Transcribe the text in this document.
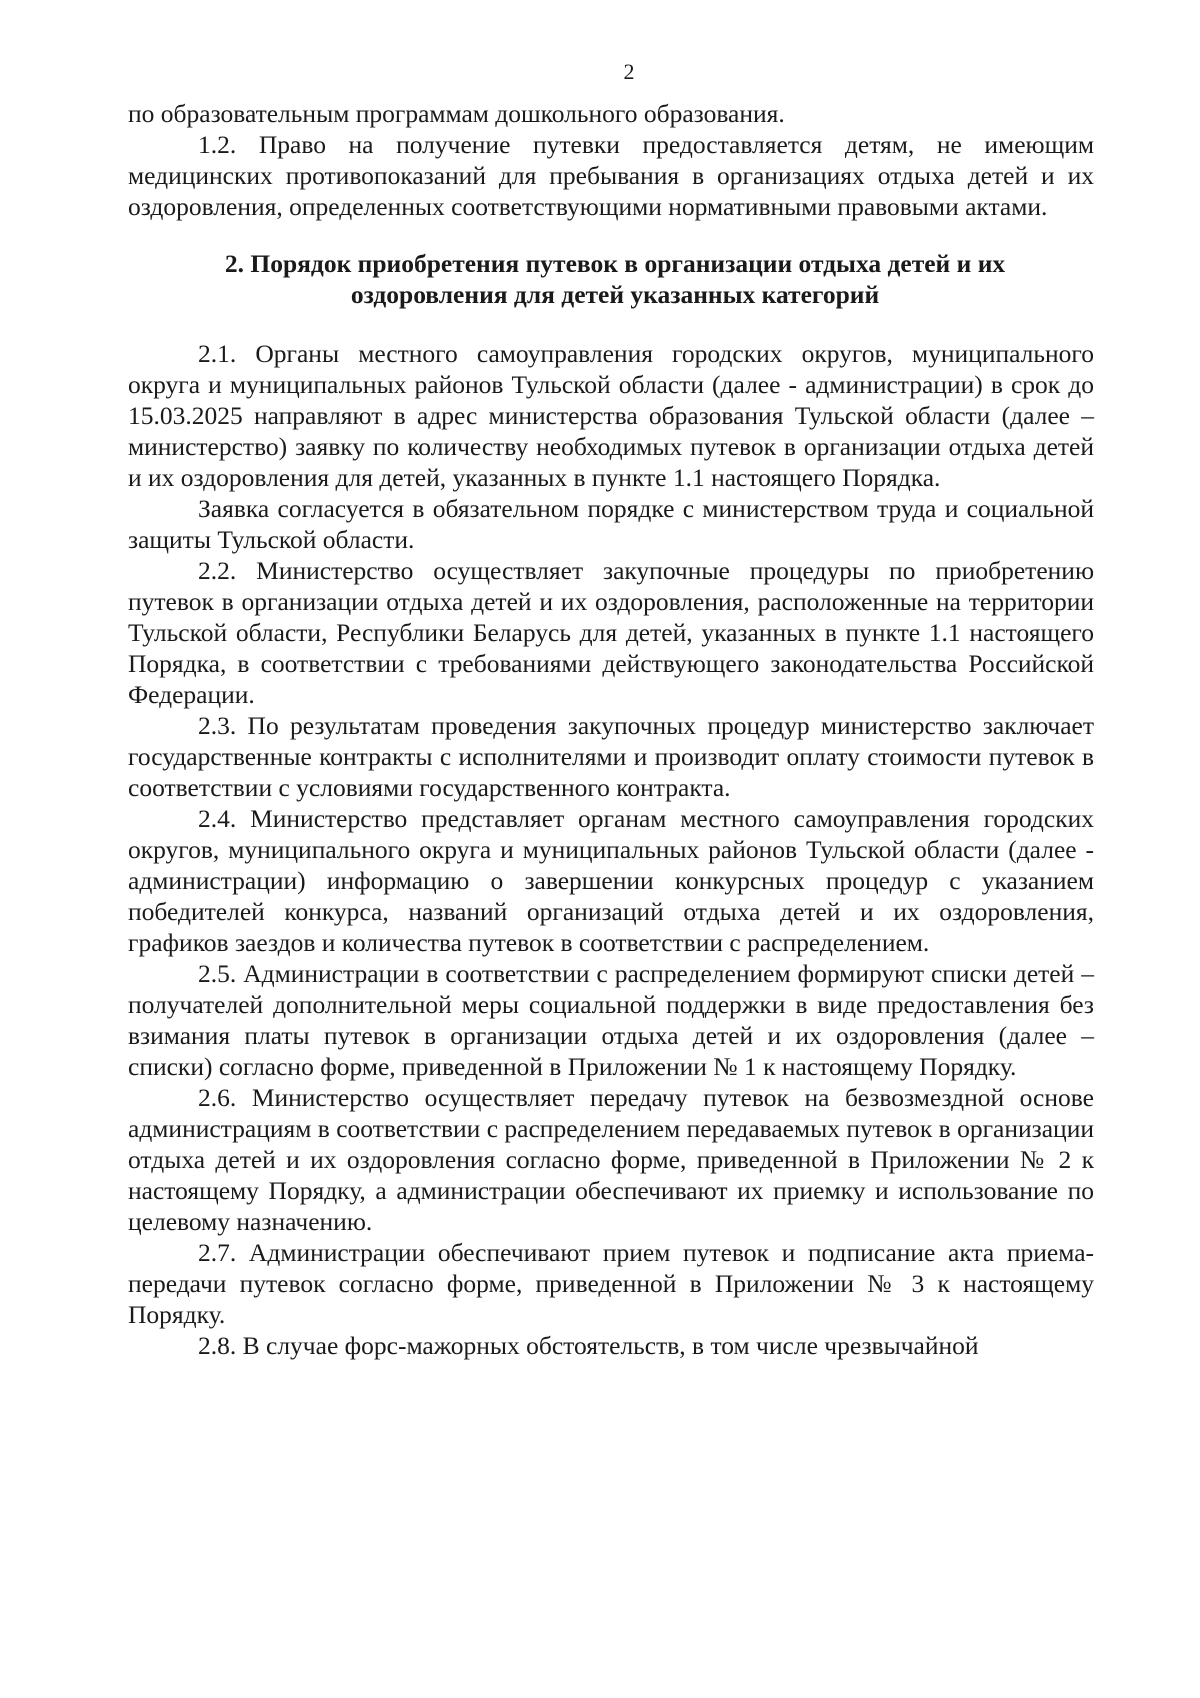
2

по образовательным программам дошкольного образования.

1.2. Право на получение путевки предоставляется детям, не имеющим медицинских противопоказаний для пребывания в организациях отдыха детей и их оздоровления, определенных соответствующими нормативными правовыми актами.

2. Порядок приобретения путевок в организации отдыха детей и их
оздоровления для детей указанных категорий

2.1. Органы местного самоуправления городских округов, муниципального округа и муниципальных районов Тульской области (далее - администрации) в срок до 15.03.2025 направляют в адрес министерства образования Тульской области (далее – министерство) заявку по количеству необходимых путевок в организации отдыха детей и их оздоровления для детей, указанных в пункте 1.1 настоящего Порядка.

Заявка согласуется в обязательном порядке с министерством труда и социальной защиты Тульской области.

2.2. Министерство осуществляет закупочные процедуры по приобретению путевок в организации отдыха детей и их оздоровления, расположенные на территории Тульской области, Республики Беларусь для детей, указанных в пункте 1.1 настоящего Порядка, в соответствии с требованиями действующего законодательства Российской Федерации.

2.3. По результатам проведения закупочных процедур министерство заключает государственные контракты с исполнителями и производит оплату стоимости путевок в соответствии с условиями государственного контракта.

2.4. Министерство представляет органам местного самоуправления городских округов, муниципального округа и муниципальных районов Тульской области (далее - администрации) информацию о завершении конкурсных процедур с указанием победителей конкурса, названий организаций отдыха детей и их оздоровления, графиков заездов и количества путевок в соответствии с распределением.

2.5. Администрации в соответствии с распределением формируют списки детей – получателей дополнительной меры социальной поддержки в виде предоставления без взимания платы путевок в организации отдыха детей и их оздоровления (далее – списки) согласно форме, приведенной в Приложении № 1 к настоящему Порядку.

2.6. Министерство осуществляет передачу путевок на безвозмездной основе администрациям в соответствии с распределением передаваемых путевок в организации отдыха детей и их оздоровления согласно форме, приведенной в Приложении № 2 к настоящему Порядку, а администрации обеспечивают их приемку и использование по целевому назначению.

2.7. Администрации обеспечивают прием путевок и подписание акта приема-передачи путевок согласно форме, приведенной в Приложении № 3 к настоящему Порядку.

2.8. В случае форс-мажорных обстоятельств, в том числе чрезвычайной
